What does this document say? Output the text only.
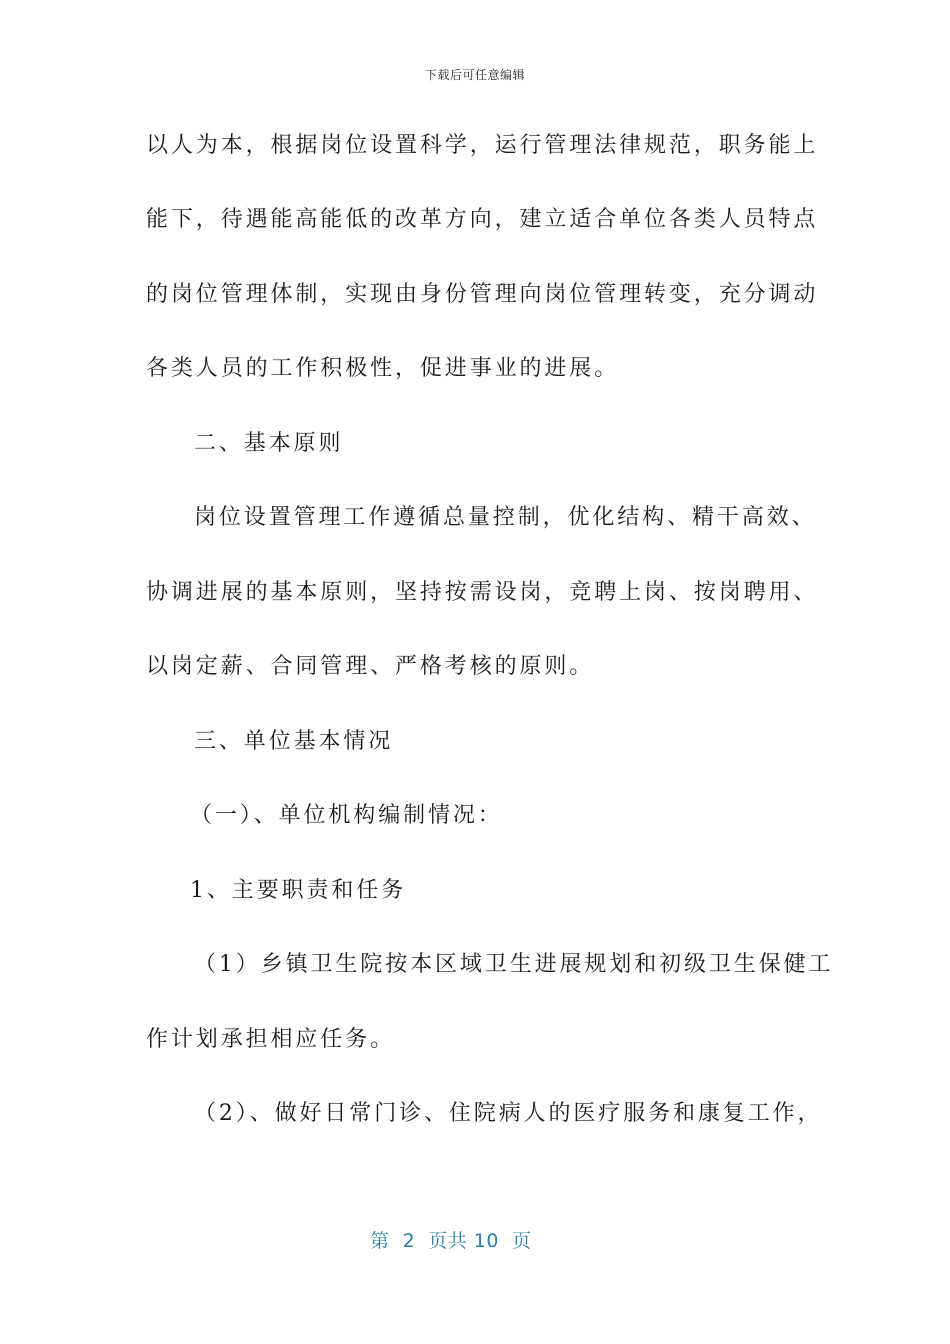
下载后可任意编辑
以人为本，根据岗位设置科学，运行管理法律规范，职务能上
能下，待遇能高能低的改革方向，建立适合单位各类人员特点
的岗位管理体制，实现由身份管理向岗位管理转变，充分调动
各类人员的工作积极性，促进事业的进展。
二、基本原则
岗位设置管理工作遵循总量控制，优化结构、精干高效、
协调进展的基本原则，坚持按需设岗，竞聘上岗、按岗聘用、
以岗定薪、合同管理、严格考核的原则。
三、单位基本情况
（一）、单位机构编制情况：
1、主要职责和任务
（1）乡镇卫生院按本区域卫生进展规划和初级卫生保健工
作计划承担相应任务。
（2）、做好日常门诊、住院病人的医疗服务和康复工作，
第  2  页共 10  页
